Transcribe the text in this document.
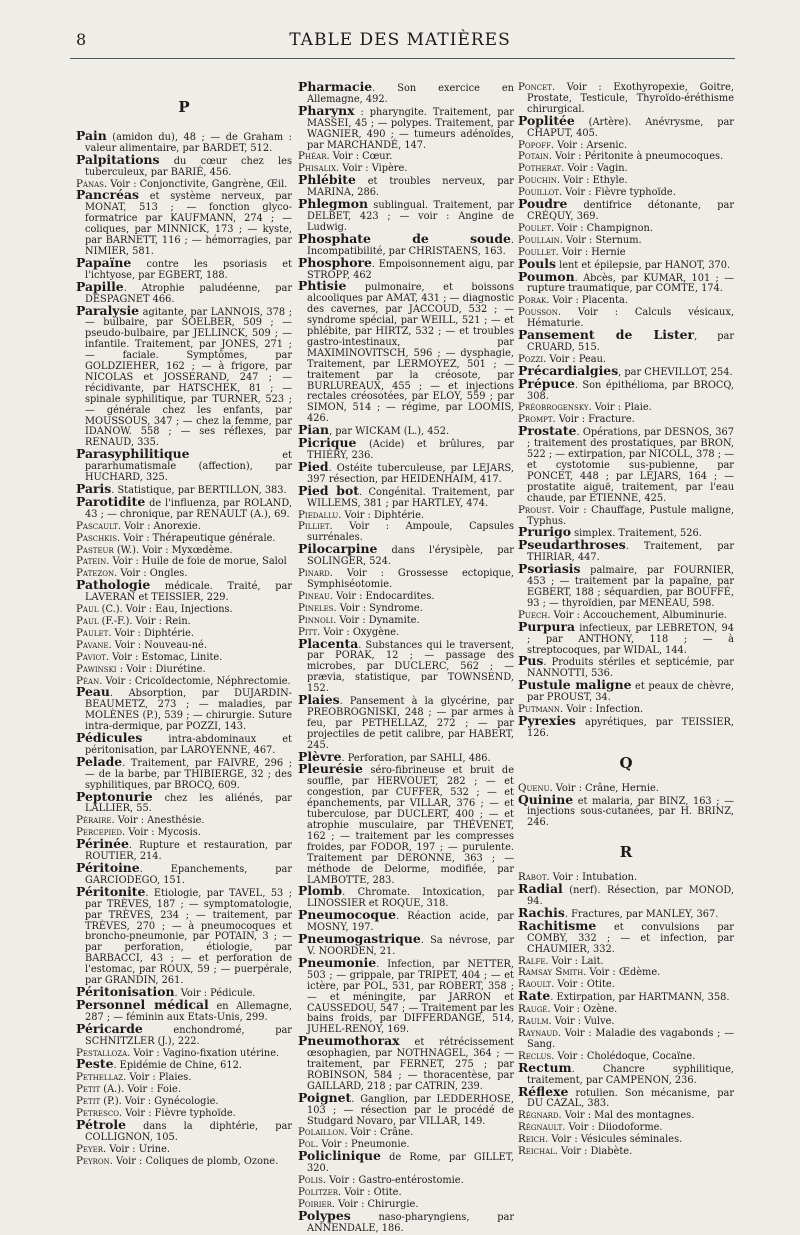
8	TABLE DES MATIÈRES

P

Pain (amidon du), 48 ; — de Graham : valeur alimentaire, par BARDET, 512.

Palpitations du cœur chez les tuberculeux, par BARIÉ, 456.

Panas. Voir : Conjonctivite, Gangrène, Œil.

Pancréas et système nerveux, par MONAT, 513 ; — fonction glyco-formatrice par KAUFMANN, 274 ; — coliques, par MINNICK, 173 ; — kyste, par BARNETT, 116 ; — hémorragies, par NIMIER, 581.

Papaïne contre les psoriasis et l'ichtyose, par EGBERT, 188.

Papille. Atrophie paludéenne, par DESPAGNET 466.

Paralysie agitante, par LANNOIS, 378 ; — bulbaire, par SOELBER, 509 ; — pseudo-bulbaire, par JELLINCK, 509 ; — infantile. Traitement, par JONES, 271 ; — faciale. Symptômes, par GOLDZIEHER, 162 ; — à frigore, par NICOLAS et JOSSERAND, 247 ; — récidivante, par HATSCHEK, 81 ; — spinale syphilitique, par TURNER, 523 ; — générale chez les enfants, par MOUSSOUS, 347 ; — chez la femme, par IDANOW. 558 ; — ses réflexes, par RENAUD, 335.

Parasyphilitique et pararhumatismale (affection), par HUCHARD, 325.

Paris. Statistique, par BERTILLON, 383.

Parotidite de l'influenza, par ROLAND, 43 ; — chronique, par RENAULT (A.), 69.

Pascault. Voir : Anorexie.

Paschkis. Voir : Thérapeutique générale.

Pasteur (W.). Voir : Myxœdème.

Patein. Voir : Huile de foie de morue, Salol

Patezon. Voir : Ongles.

Pathologie médicale. Traité, par LAVERAN et TEISSIER, 229.

Paul (C.). Voir : Eau, Injections.

Paul (F.-F.). Voir : Rein.

Paulet. Voir : Diphtérie.

Pavane. Voir : Nouveau-né.

Paviot. Voir : Estomac, Linite.

Pawinski : Voir : Diurétine.

Péan. Voir : Cricoïdectomie, Néphrectomie.

Peau. Absorption, par DUJARDIN-BEAUMETZ, 273 ; — maladies, par MOLÈNES (P.), 539 ; — chirurgie. Suture intra-dermique, par POZZI, 143.

Pédicules intra-abdominaux et péritonisation, par LAROYENNE, 467.

Pelade. Traitement, par FAIVRE, 296 ; — de la barbe, par THIBIERGE, 32 ; des syphilitiques, par BROCQ, 609.

Peptonurie chez les aliénés, par LALLIER, 55.

Péraire. Voir : Anesthésie.

Percepied. Voir : Mycosis.

Périnée. Rupture et restauration, par ROUTIER, 214.

Péritoine. Epanchements, par GARCIODEGO, 151.

Péritonite. Etiologie, par TAVEL, 53 ; par TRÈVES, 187 ; — symptomatologie, par TRÈVES, 234 ; — traitement, par TRÈVES, 270 ; — à pneumocoques et broncho-pneumonie, par POTAIN, 3 ; — par perforation, étiologie, par BARBACCI, 43 ; — et perforation de l'estomac, par ROUX, 59 ; — puerpérale, par GRANDIN, 261.

Péritonisation. Voir : Pédicule.

Personnel médical en Allemagne, 287 ; — féminin aux Etats-Unis, 299.

Péricarde enchondromé, par SCHNITZLER (J.), 222.

Pestalloza. Voir : Vagino-fixation utérine.

Peste. Epidémie de Chine, 612.

Pethellaz. Voir : Plaies.

Petit (A.). Voir : Foie.

Petit (P.). Voir : Gynécologie.

Petresco. Voir : Fièvre typhoïde.

Pétrole dans la diphtérie, par COLLIGNON, 105.

Peyer. Voir : Urine.

Peyron. Voir : Coliques de plomb, Ozone.

Pharmacie. Son exercice en Allemagne, 492.

Pharynx : pharyngite. Traitement, par MASSEI, 45 ; — polypes. Traitement, par WAGNIER, 490 ; — tumeurs adénoïdes, par MARCHANDÉ, 147.

Phéar. Voir : Cœur.

Phisalix. Voir : Vipère.

Phlébite et troubles nerveux, par MARINA, 286.

Phlegmon sublingual. Traitement, par DELBET, 423 ; — voir : Angine de Ludwig.

Phosphate de soude. Incompatibilité, par CHRISTAENS, 163.

Phosphore. Empoisonnement aigu, par STROPP, 462

Phtisie pulmonaire, et boissons alcooliques par AMAT, 431 ; — diagnostic des cavernes, par JACCOUD, 532 ; — syndrome spécial, par WEILL, 521 ; — et phlébite, par HIRTZ, 532 ; — et troubles gastro-intestinaux, par MAXIMINOVITSCH, 596 ; — dysphagie, Traitement, par LERMOYEZ, 501 ; — traitement par la créosote, par BURLUREAUX, 455 ; — et injections rectales créosotées, par ELOY, 559 ; par SIMON, 514 ; — régime, par LOOMIS, 426.

Pian, par WICKAM (L.), 452.

Picrique (Acide) et brûlures, par THIÉRY, 236.

Pied. Ostéite tuberculeuse, par LEJARS, 397 résection, par HEIDENHAIM, 417.

Pied bot. Congénital. Traitement, par WILLEMS, 381 ; par HARTLEY, 474.

Piedallu. Voir : Diphtérie.

Pilliet. Voir : Ampoule, Capsules surrénales.

Pilocarpine dans l'érysipèle, par SOLINGER, 524.

Pinard. Voir : Grossesse ectopique, Symphiséotomie.

Pineau. Voir : Endocardites.

Pineles. Voir : Syndrome.

Pinnoli. Voir : Dynamite.

Pitt. Voir : Oxygène.

Placenta. Substances qui le traversent, par PORAK, 12 ; — passage des microbes, par DUCLERC, 562 ; — prævia, statistique, par TOWNSEND, 152.

Plaies. Pansement à la glycérine, par PREOBROGNISKI, 248 ; — par armes à feu, par PETHELLAZ, 272 ; — par projectiles de petit calibre, par HABERT, 245.

Plèvre. Perforation, par SAHLI, 486.

Pleurésie séro-fibrineuse et bruit de souffle, par HERVOUET, 282 ; — et congestion, par CUFFER, 532 ; — et épanchements, par VILLAR, 376 ; — et tuberculose, par DUCLERT, 400 ; — et atrophie musculaire, par THÉVENET, 162 ; — traitement par les compresses froides, par FODOR, 197 ; — purulente. Traitement par DERONNE, 363 ; — méthode de Delorme, modifiée, par LAMBOTTE, 283.

Plomb. Chromate. Intoxication, par LINOSSIER et ROQUE, 318.

Pneumocoque. Réaction acide, par MOSNY, 197.

Pneumogastrique. Sa névrose, par V. NOORDEN, 21.

Pneumonie. Infection, par NETTER, 503 ; — grippale, par TRIPET, 404 ; — et ictère, par POL, 531, par ROBERT, 358 ; — et méningite, par JARRON et CAUSSEDOU, 547 ; — Traitement par les bains froids, par DIFFERDANGE, 514, JUHEL-RENOY, 169.

Pneumothorax et rétrécissement œsophagien, par NOTHNAGEL, 364 ; — traitement, par FERNET, 275 ; par ROBINSON, 584 ; — thoracentèse, par GAILLARD, 218 ; par CATRIN, 239.

Poignet. Ganglion, par LEDDERHOSE, 103 ; — résection par le procédé de Studgard Novaro, par VILLAR, 149.

Polaillon. Voir : Crâne.

Pol. Voir : Pneumonie.

Policlinique de Rome, par GILLET, 320.

Polis. Voir : Gastro-entérostomie.

Politzer. Voir : Otite.

Poirier. Voir : Chirurgie.

Polypes naso-pharyngiens, par ANNENDALE, 186.

Poncet. Voir : Exothyropexie, Goitre, Prostate, Testicule, Thyroïdo-éréthisme chirurgical.

Poplitée (Artère). Anévrysme, par CHAPUT, 405.

Popoff. Voir : Arsenic.

Potain. Voir : Péritonite à pneumocoques.

Potherat. Voir : Vagin.

Pouchin. Voir : Ethyle.

Pouillot. Voir : Fièvre typhoïde.

Poudre dentifrice détonante, par CRÉQUY, 369.

Poulet. Voir : Champignon.

Poullain. Voir : Sternum.

Poullet. Voir : Hernie

Pouls lent et épilepsie, par HANOT, 370.

Poumon. Abcès, par KUMAR, 101 ; — rupture traumatique, par COMTE, 174.

Porak. Voir : Placenta.

Pousson. Voir : Calculs vésicaux, Hématurie.

Pansement de Lister, par CRUARD, 515.

Pozzi. Voir : Peau.

Précardialgies, par CHEVILLOT, 254.

Prépuce. Son épithélioma, par BROCQ, 308.

Préobrogensky. Voir : Plaie.

Prompt. Voir : Fracture.

Prostate. Opérations, par DESNOS, 367 ; traitement des prostatiques, par BRON, 522 ; — extirpation, par NICOLL, 378 ; — et cystotomie sus-pubienne, par PONCET, 448 ; par LEJARS, 164 ; — prostatite aiguë, traitement, par l'eau chaude, par ETIENNE, 425.

Proust. Voir : Chauffage, Pustule maligne, Typhus.

Prurigo simplex. Traitement, 526.

Pseudarthroses. Traitement, par THIRIAR, 447.

Psoriasis palmaire, par FOURNIER, 453 ; — traitement par la papaïne, par EGBERT, 188 ; séquardien, par BOUFFÉ, 93 ; — thyroïdien, par MENEAU, 598.

Puech. Voir : Accouchement, Albuminurie.

Purpura infectieux, par LEBRETON, 94 ; par ANTHONY, 118 ; — à streptocoques, par WIDAL, 144.

Pus. Produits stériles et septicémie, par NANNOTTI, 536.

Pustule maligne et peaux de chèvre, par PROUST, 34.

Putmann. Voir : Infection.

Pyrexies apyrétiques, par TEISSIER, 126.

Q

Quenu. Voir : Crâne, Hernie.

Quinine et malaria, par BINZ, 163 ; — injections sous-cutanées, par H. BRINZ, 246.

R

Rabot. Voir : Intubation.

Radial (nerf). Résection, par MONOD, 94.

Rachis. Fractures, par MANLEY, 367.

Rachitisme et convulsions par COMBY, 332 ; — et infection, par CHAUMIER, 332.

Ralfe. Voir : Lait.

Ramsay Smith. Voir : Œdème.

Raoult. Voir : Otite.

Rate. Extirpation, par HARTMANN, 358.

Raugé. Voir : Ozène.

Raulm. Voir : Vulve.

Raynaud. Voir : Maladie des vagabonds ; — Sang.

Reclus. Voir : Cholédoque, Cocaïne.

Rectum. Chancre syphilitique, traitement, par CAMPENON, 236.

Réflexe rotulien. Son mécanisme, par DU CAZAL, 383.

Régnard. Voir : Mal des montagnes.

Régnault. Voir : Diiodoforme.

Reich. Voir : Vésicules séminales.

Reichal. Voir : Diabète.
